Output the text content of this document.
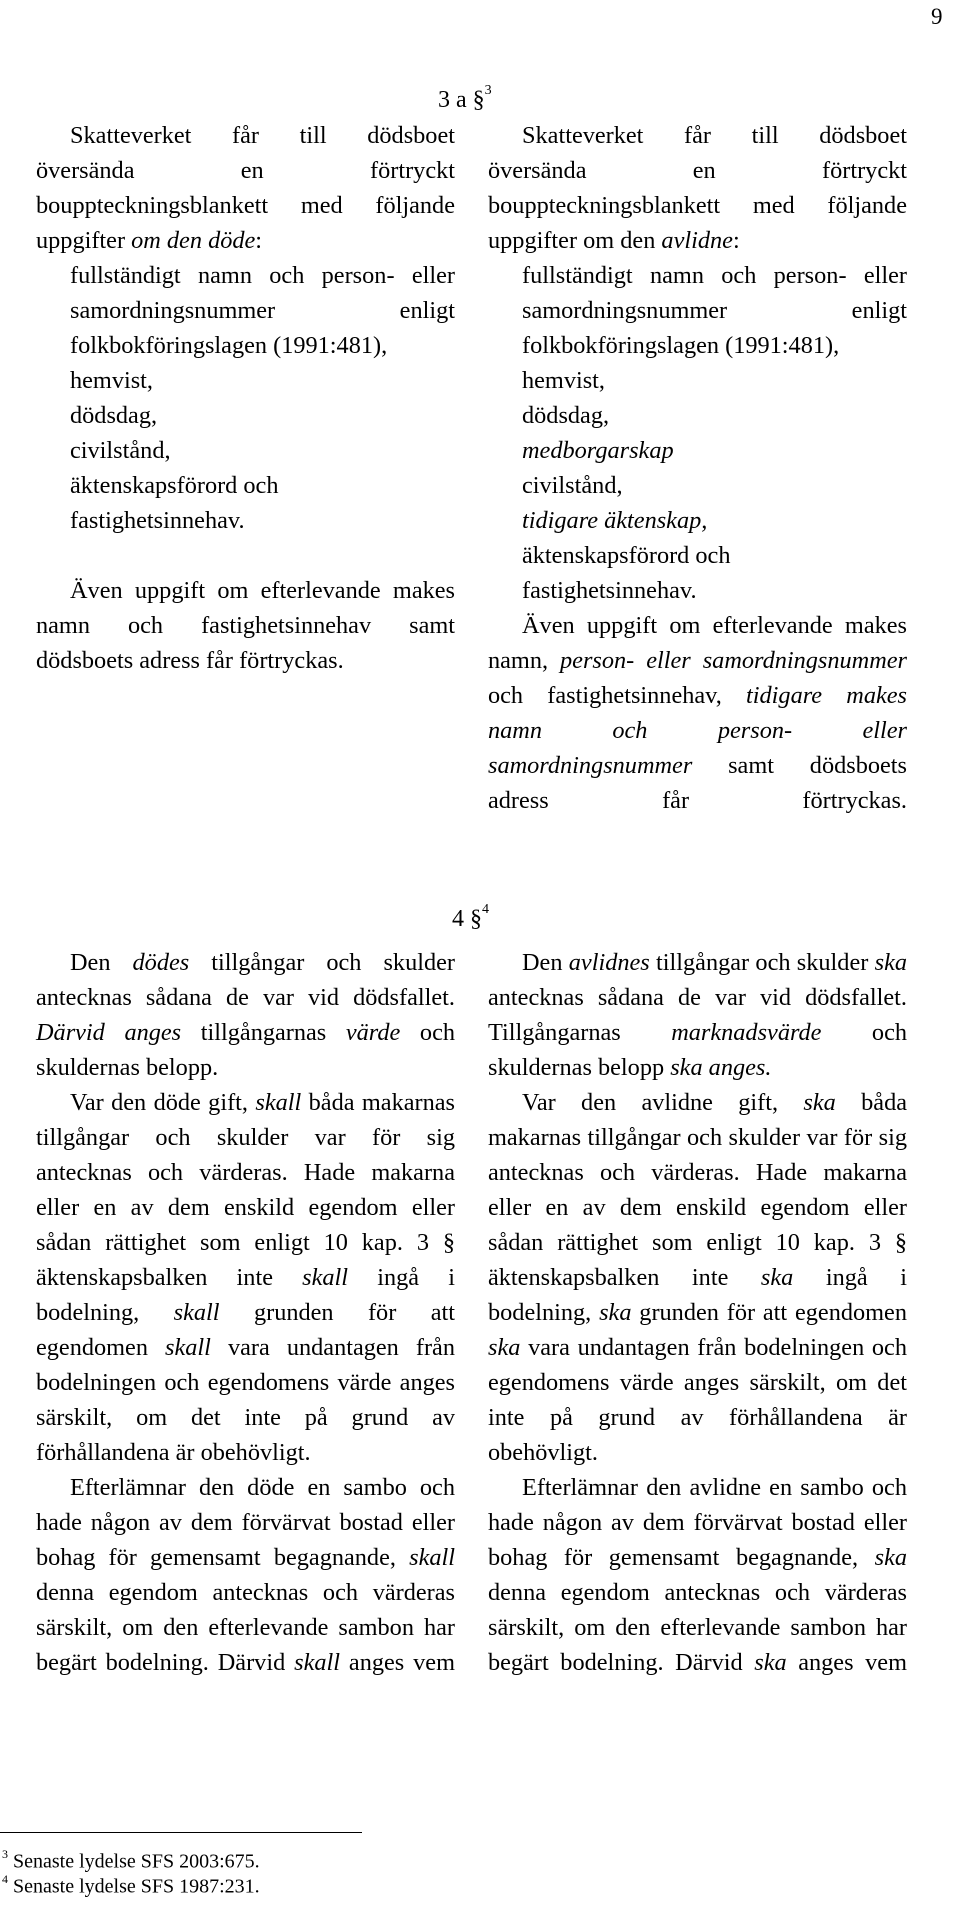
9
3 a §$^3$

Skatteverket får till dödsboet översända en förtryckt bouppteckningsblankett med följande uppgifter om den döde:

fullständigt namn och person- eller samordningsnummer enligt folkbokföringslagen (1991:481),

hemvist,

dödsdag,

civilstånd,

äktenskapsförord och

fastighetsinnehav.

Även uppgift om efterlevande makes namn och fastighetsinnehav samt dödsboets adress får förtryckas.

Skatteverket får till dödsboet översända en förtryckt bouppteckningsblankett med följande uppgifter om den avlidne:

fullständigt namn och person- eller samordningsnummer enligt folkbokföringslagen (1991:481),

hemvist,

dödsdag,

medborgarskap

civilstånd,

tidigare äktenskap,

äktenskapsförord och

fastighetsinnehav.

Även uppgift om efterlevande makes namn, person- eller samordningsnummer och fastighetsinnehav, tidigare makes namn och person- eller samordningsnummer samt dödsboets adress får förtryckas.

4 §$^4$

Den dödes tillgångar och skulder antecknas sådana de var vid dödsfallet. Därvid anges tillgångarnas värde och skuldernas belopp.

Var den döde gift, skall båda makarnas tillgångar och skulder var för sig antecknas och värderas. Hade makarna eller en av dem enskild egendom eller sådan rättighet som enligt 10 kap. 3 § äktenskapsbalken inte skall ingå i bodelning, skall grunden för att egendomen skall vara undantagen från bodelningen och egendomens värde anges särskilt, om det inte på grund av förhållandena är obehövligt.

Efterlämnar den döde en sambo och hade någon av dem förvärvat bostad eller bohag för gemensamt begagnande, skall denna egendom antecknas och värderas särskilt, om den efterlevande sambon har begärt bodelning. Därvid skall anges vem

Den avlidnes tillgångar och skulder ska antecknas sådana de var vid dödsfallet. Tillgångarnas marknadsvärde och skuldernas belopp ska anges.

Var den avlidne gift, ska båda makarnas tillgångar och skulder var för sig antecknas och värderas. Hade makarna eller en av dem enskild egendom eller sådan rättighet som enligt 10 kap. 3 § äktenskapsbalken inte ska ingå i bodelning, ska grunden för att egendomen ska vara undantagen från bodelningen och egendomens värde anges särskilt, om det inte på grund av förhållandena är obehövligt.

Efterlämnar den avlidne en sambo och hade någon av dem förvärvat bostad eller bohag för gemensamt begagnande, ska denna egendom antecknas och värderas särskilt, om den efterlevande sambon har begärt bodelning. Därvid ska anges vem

$^3$ Senaste lydelse SFS 2003:675.
$^4$ Senaste lydelse SFS 1987:231.
